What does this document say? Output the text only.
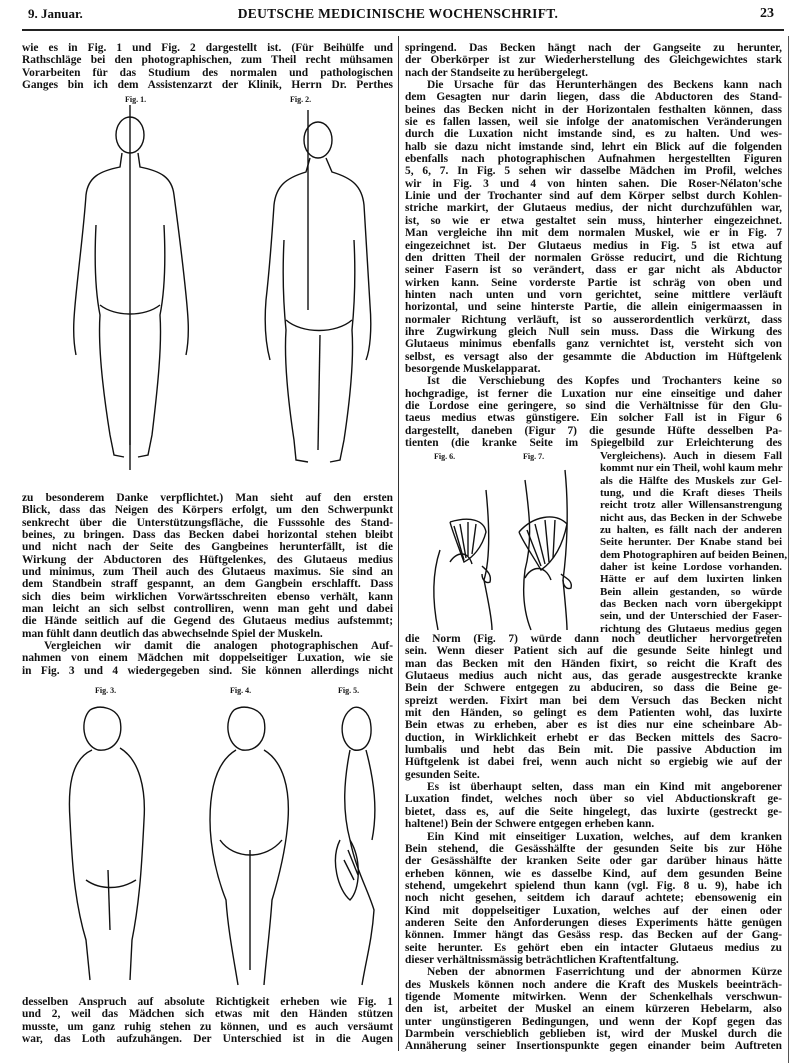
9. Januar.	DEUTSCHE MEDICINISCHE WOCHENSCHRIFT.	23
wie es in Fig. 1 und Fig. 2 dargestellt ist. (Für Beihülfe und
Rathschläge bei den photographischen, zum Theil recht mühsamen
Vorarbeiten für das Studium des normalen und pathologischen
Ganges bin ich dem Assistenzarzt der Klinik, Herrn Dr. Perthes
zu besonderem Danke verpflichtet.) Man sieht auf den ersten
Blick, dass das Neigen des Körpers erfolgt, um den Schwerpunkt
senkrecht über die Unterstützungsfläche, die Fusssohle des Stand-
beines, zu bringen. Dass das Becken dabei horizontal stehen bleibt
und nicht nach der Seite des Gangbeines herunterfällt, ist die
Wirkung der Abductoren des Hüftgelenkes, des Glutaeus medius
und minimus, zum Theil auch des Glutaeus maximus. Sie sind an
dem Standbein straff gespannt, an dem Gangbein erschlafft. Dass
sich dies beim wirklichen Vorwärtsschreiten ebenso verhält, kann
man leicht an sich selbst controlliren, wenn man geht und dabei
die Hände seitlich auf die Gegend des Glutaeus medius aufstemmt;
man fühlt dann deutlich das abwechselnde Spiel der Muskeln.
Vergleichen wir damit die analogen photographischen Auf-
nahmen von einem Mädchen mit doppelseitiger Luxation, wie sie
in Fig. 3 und 4 wiedergegeben sind. Sie können allerdings nicht
desselben Anspruch auf absolute Richtigkeit erheben wie Fig. 1
und 2, weil das Mädchen sich etwas mit den Händen stützen
musste, um ganz ruhig stehen zu können, und es auch versäumt
war, das Loth aufzuhängen. Der Unterschied ist in die Augen
springend. Das Becken hängt nach der Gangseite zu herunter,
der Oberkörper ist zur Wiederherstellung des Gleichgewichtes stark
nach der Standseite zu herübergelegt.
Die Ursache für das Herunterhängen des Beckens kann nach
dem Gesagten nur darin liegen, dass die Abductoren des Stand-
beines das Becken nicht in der Horizontalen festhalten können, dass
sie es fallen lassen, weil sie infolge der anatomischen Veränderungen
durch die Luxation nicht imstande sind, es zu halten. Und wes-
halb sie dazu nicht imstande sind, lehrt ein Blick auf die folgenden
ebenfalls nach photographischen Aufnahmen hergestellten Figuren
5, 6, 7. In Fig. 5 sehen wir dasselbe Mädchen im Profil, welches
wir in Fig. 3 und 4 von hinten sahen. Die Roser-Nélaton'sche
Linie und der Trochanter sind auf dem Körper selbst durch Kohlen-
striche markirt, der Glutaeus medius, der nicht durchzufühlen war,
ist, so wie er etwa gestaltet sein muss, hinterher eingezeichnet.
Man vergleiche ihn mit dem normalen Muskel, wie er in Fig. 7
eingezeichnet ist. Der Glutaeus medius in Fig. 5 ist etwa auf
den dritten Theil der normalen Grösse reducirt, und die Richtung
seiner Fasern ist so verändert, dass er gar nicht als Abductor
wirken kann. Seine vorderste Partie ist schräg von oben und
hinten nach unten und vorn gerichtet, seine mittlere verläuft
horizontal, und seine hinterste Partie, die allein einigermaassen in
normaler Richtung verläuft, ist so ausserordentlich verkürzt, dass
ihre Zugwirkung gleich Null sein muss. Dass die Wirkung des
Glutaeus minimus ebenfalls ganz vernichtet ist, versteht sich von
selbst, es versagt also der gesammte die Abduction im Hüftgelenk
besorgende Muskelapparat.
Ist die Verschiebung des Kopfes und Trochanters keine so
hochgradige, ist ferner die Luxation nur eine einseitige und daher
die Lordose eine geringere, so sind die Verhältnisse für den Glu-
taeus medius etwas günstigere. Ein solcher Fall ist in Figur 6
dargestellt, daneben (Figur 7) die gesunde Hüfte desselben Pa-
tienten (die kranke Seite im Spiegelbild zur Erleichterung des
Vergleichens). Auch in diesem Fall
kommt nur ein Theil, wohl kaum mehr
als die Hälfte des Muskels zur Gel-
tung, und die Kraft dieses Theils
reicht trotz aller Willensanstrengung
nicht aus, das Becken in der Schwebe
zu halten, es fällt nach der anderen
Seite herunter. Der Knabe stand bei
dem Photographiren auf beiden Beinen,
daher ist keine Lordose vorhanden.
Hätte er auf dem luxirten linken
Bein allein gestanden, so würde
das Becken nach vorn übergekippt
sein, und der Unterschied der Faser-
richtung des Glutaeus medius gegen
die Norm (Fig. 7) würde dann noch deutlicher hervorgetreten
sein. Wenn dieser Patient sich auf die gesunde Seite hinlegt und
man das Becken mit den Händen fixirt, so reicht die Kraft des
Glutaeus medius auch nicht aus, das gerade ausgestreckte kranke
Bein der Schwere entgegen zu abduciren, so dass die Beine ge-
spreizt werden. Fixirt man bei dem Versuch das Becken nicht
mit den Händen, so gelingt es dem Patienten wohl, das luxirte
Bein etwas zu erheben, aber es ist dies nur eine scheinbare Ab-
duction, in Wirklichkeit erhebt er das Becken mittels des Sacro-
lumbalis und hebt das Bein mit. Die passive Abduction im
Hüftgelenk ist dabei frei, wenn auch nicht so ergiebig wie auf der
gesunden Seite.
Es ist überhaupt selten, dass man ein Kind mit angeborener
Luxation findet, welches noch über so viel Abductionskraft ge-
bietet, dass es, auf die Seite hingelegt, das luxirte (gestreckt ge-
haltene!) Bein der Schwere entgegen erheben kann.
Ein Kind mit einseitiger Luxation, welches, auf dem kranken
Bein stehend, die Gesässhälfte der gesunden Seite bis zur Höhe
der Gesässhälfte der kranken Seite oder gar darüber hinaus hätte
erheben können, wie es dasselbe Kind, auf dem gesunden Beine
stehend, umgekehrt spielend thun kann (vgl. Fig. 8 u. 9), habe ich
noch nicht gesehen, seitdem ich darauf achtete; ebensowenig ein
Kind mit doppelseitiger Luxation, welches auf der einen oder
anderen Seite den Anforderungen dieses Experiments hätte genügen
können. Immer hängt das Gesäss resp. das Becken auf der Gang-
seite herunter. Es gehört eben ein intacter Glutaeus medius zu
dieser verhältnissmässig beträchtlichen Kraftentfaltung.
Neben der abnormen Faserrichtung und der abnormen Kürze
des Muskels können noch andere die Kraft des Muskels beeinträch-
tigende Momente mitwirken. Wenn der Schenkelhals verschwun-
den ist, arbeitet der Muskel an einem kürzeren Hebelarm, also
unter ungünstigeren Bedingungen, und wenn der Kopf gegen das
Darmbein verschieblich geblieben ist, wird der Muskel durch die
Annäherung seiner Insertionspunkte gegen einander beim Auftreten
Fig. 1.	Fig. 2.
Fig. 3.	Fig. 4.	Fig. 5.
Fig. 6.	Fig. 7.
